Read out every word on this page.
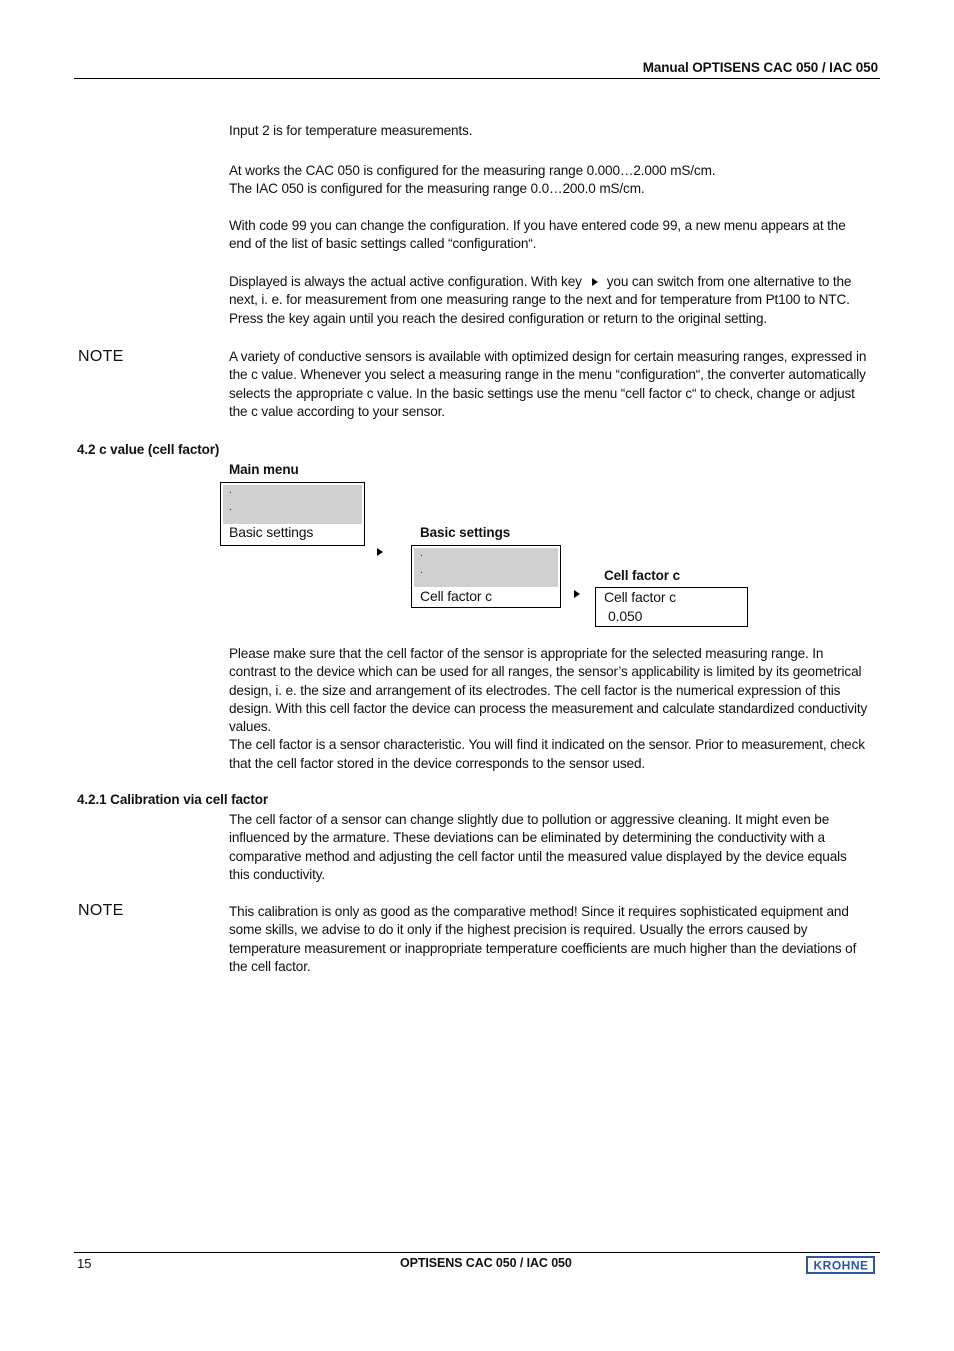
Manual OPTISENS CAC 050 / IAC 050

Input 2 is for temperature measurements.

At works the CAC 050 is configured for the measuring range 0.000…2.000 mS/cm.

The IAC 050 is configured for the measuring range 0.0…200.0 mS/cm.

With code 99 you can change the configuration. If you have entered code 99, a new menu appears at the end of the list of basic settings called “configuration“.

Displayed is always the actual active configuration. With key you can switch from one alternative to the next, i. e. for measurement from one measuring range to the next and for temperature from Pt100 to NTC. Press the key again until you reach the desired configuration or return to the original setting.

NOTE	A variety of conductive sensors is available with optimized design for certain measuring ranges, expressed in the c value. Whenever you select a measuring range in the menu “configuration“, the converter automatically selects the appropriate c value. In the basic settings use the menu “cell factor c“ to check, change or adjust the c value according to your sensor.

4.2 c value (cell factor)
Main menu
.
.
Basic settings	Basic settings
.
.
Cell factor c
Cell factor c
Cell factor c
0.050

Please make sure that the cell factor of the sensor is appropriate for the selected measuring range. In contrast to the device which can be used for all ranges, the sensor’s applicability is limited by its geometrical design, i. e. the size and arrangement of its electrodes. The cell factor is the numerical expression of this design. With this cell factor the device can process the measurement and calculate standardized conductivity values.

The cell factor is a sensor characteristic. You will find it indicated on the sensor. Prior to measurement, check that the cell factor stored in the device corresponds to the sensor used.

4.2.1 Calibration via cell factor

The cell factor of a sensor can change slightly due to pollution or aggressive cleaning. It might even be influenced by the armature. These deviations can be eliminated by determining the conductivity with a comparative method and adjusting the cell factor until the measured value displayed by the device equals this conductivity.

NOTE	This calibration is only as good as the comparative method! Since it requires sophisticated equipment and some skills, we advise to do it only if the highest precision is required. Usually the errors caused by temperature measurement or inappropriate temperature coefficients are much higher than the deviations of the cell factor.

15	OPTISENS CAC 050 / IAC 050	KROHNE
